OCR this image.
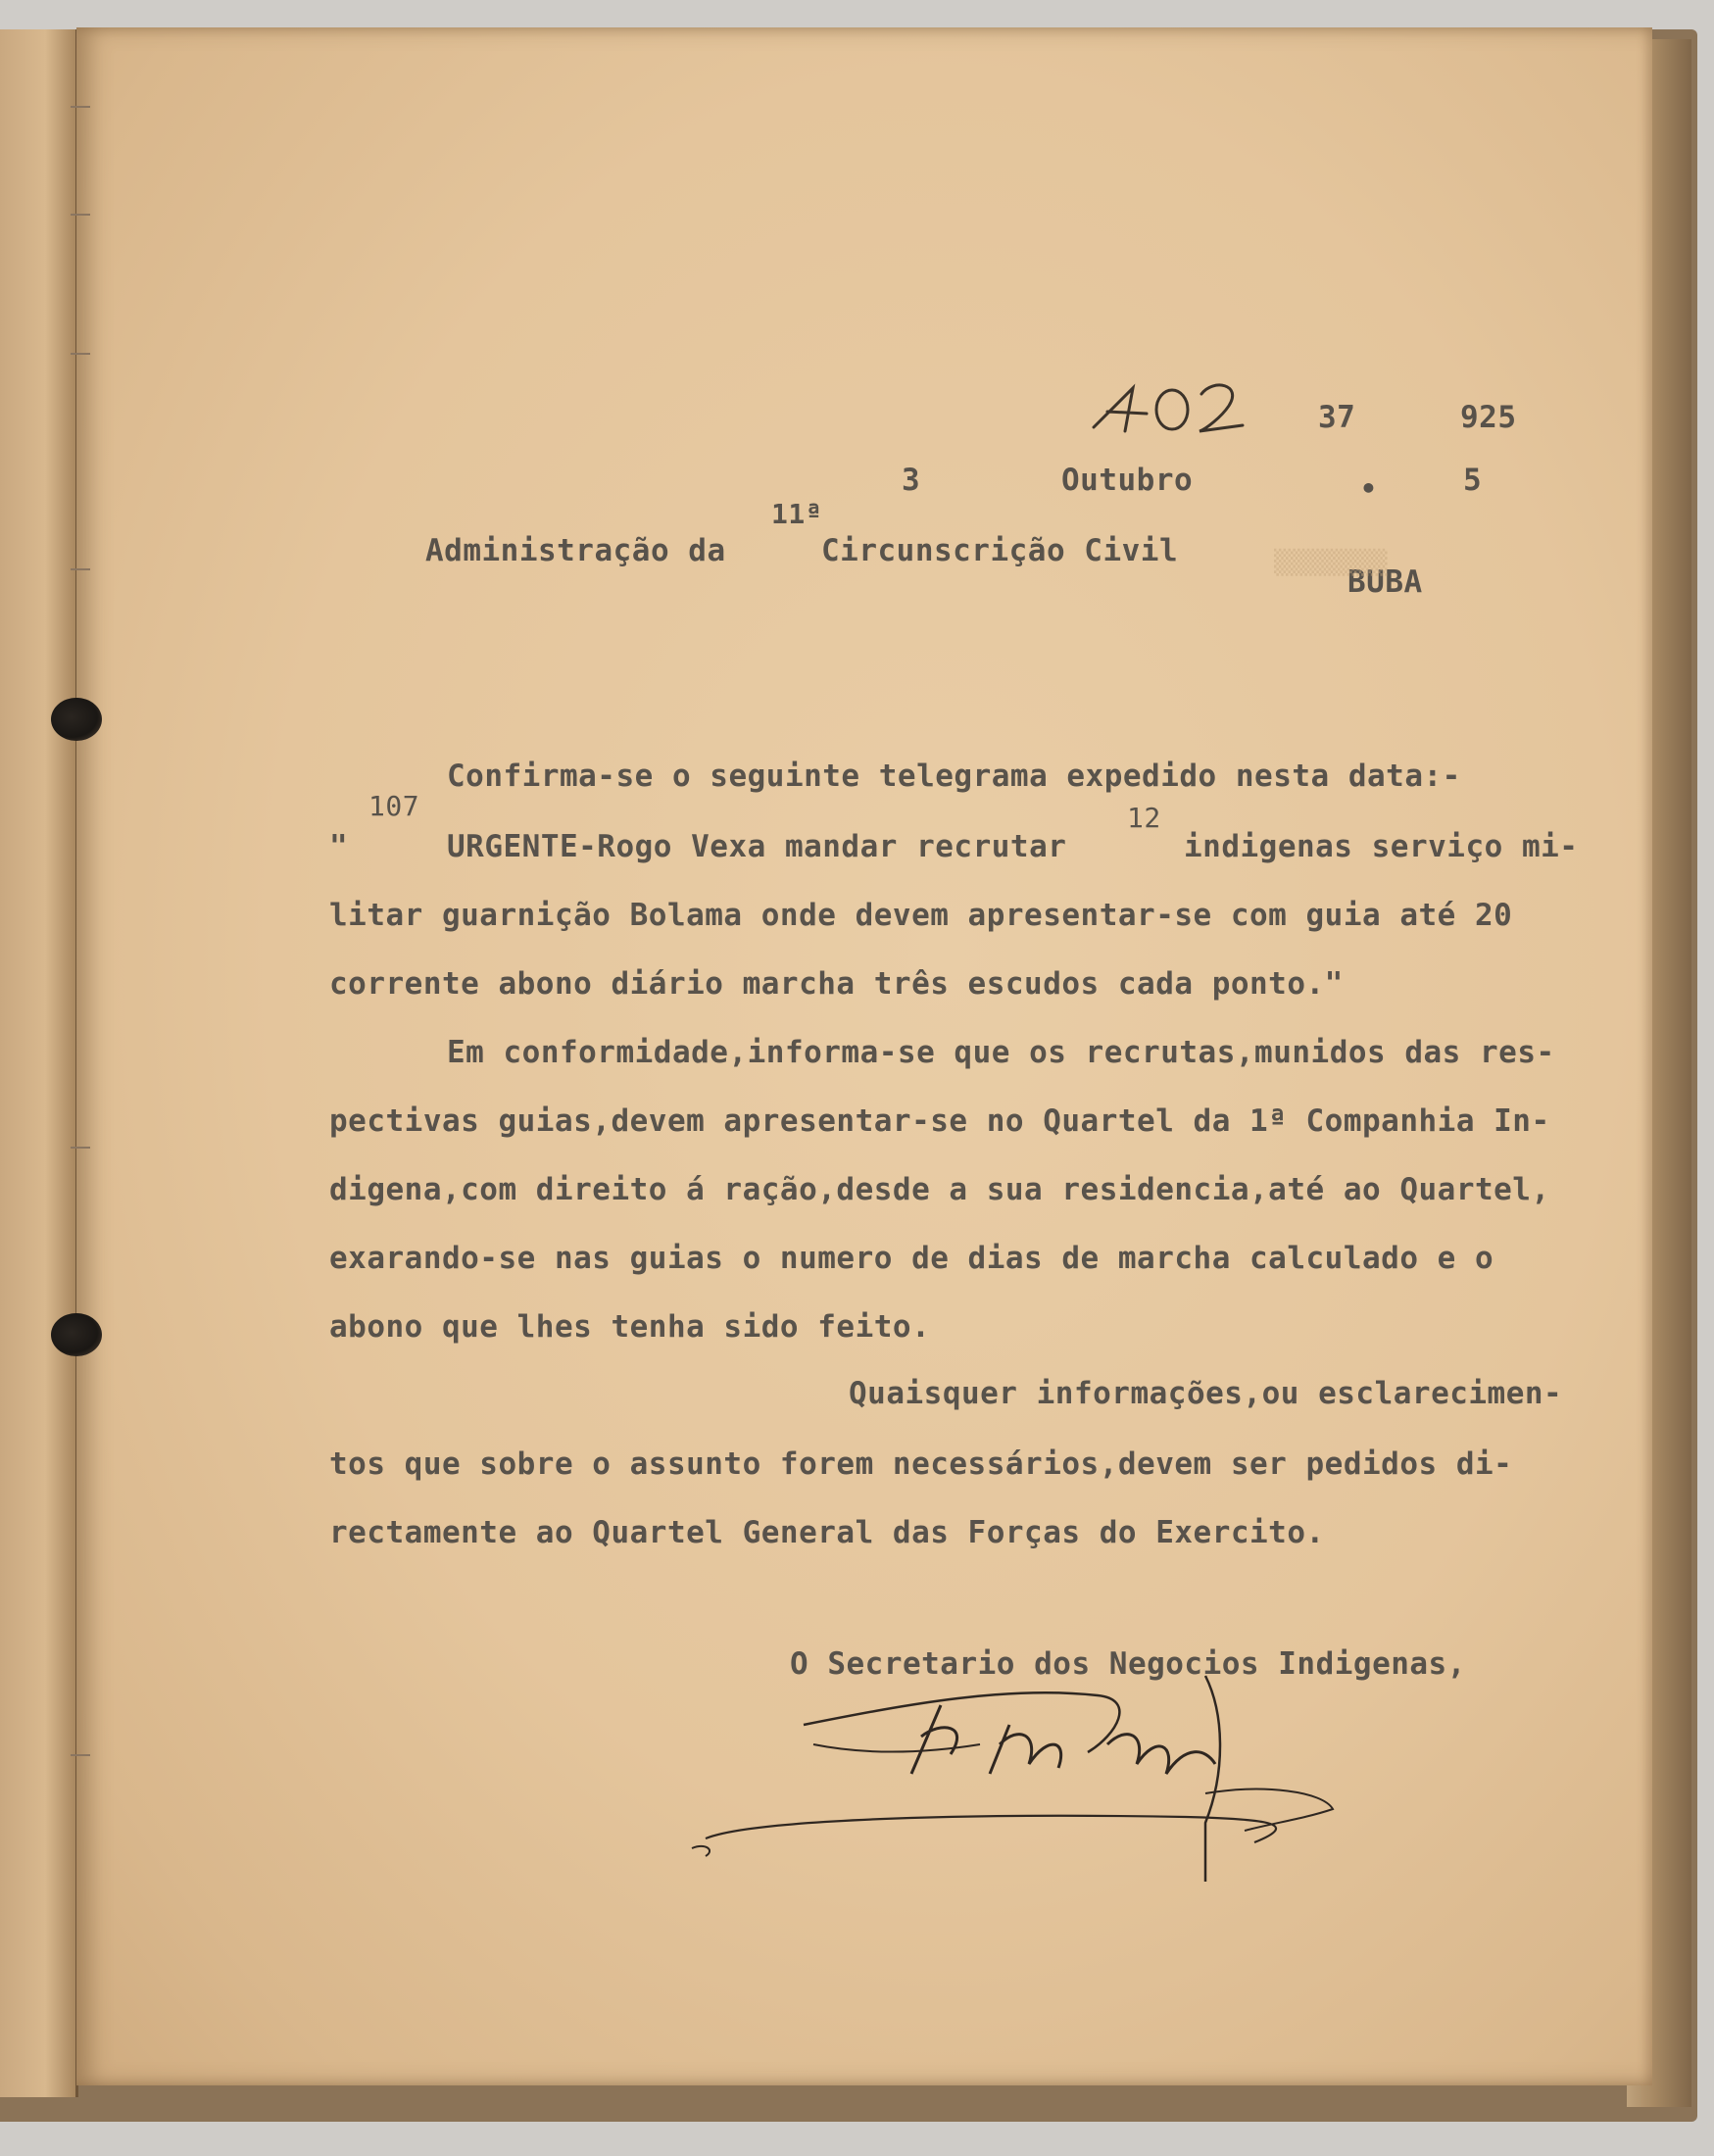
37	925
3	Outubro	•	5
11ª
Administração da	Circunscrição Civil
BUBA
▒▒▒▒▒▒▒▒
Confirma-se o seguinte telegrama expedido nesta data:-
107	12
"	URGENTE-Rogo Vexa mandar recrutar	indigenas serviço mi-
litar guarnição Bolama onde devem apresentar-se com guia até 20
corrente abono diário marcha três escudos cada ponto."
Em conformidade,informa-se que os recrutas,munidos das res-
pectivas guias,devem apresentar-se no Quartel da 1ª Companhia In-
digena,com direito á ração,desde a sua residencia,até ao Quartel,
exarando-se nas guias o numero de dias de marcha calculado e o
abono que lhes tenha sido feito.
Quaisquer informações,ou esclarecimen-
tos que sobre o assunto forem necessários,devem ser pedidos di-
rectamente ao Quartel General das Forças do Exercito.
O Secretario dos Negocios Indigenas,
